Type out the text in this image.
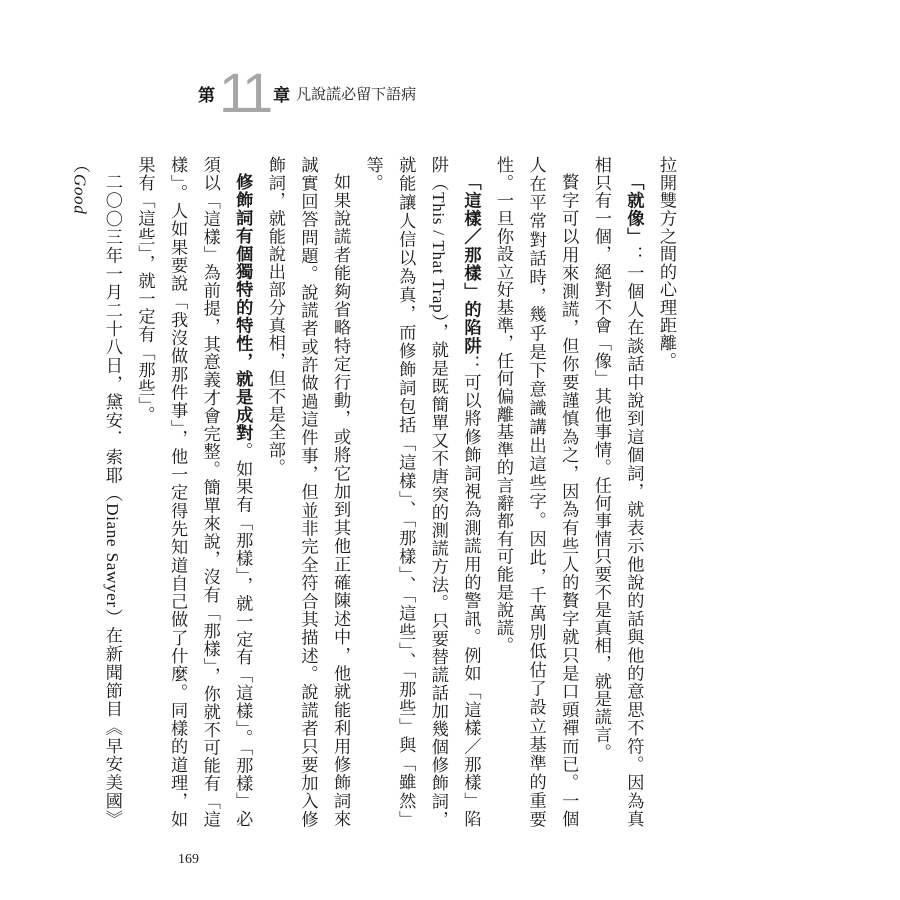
第 11 章 凡說謊必留下語病

拉開雙方之間的心理距離。

「就像」：一個人在談話中說到這個詞，就表示他說的話與他的意思不符。因為真相只有一個，絕對不會「像」其他事情。任何事情只要不是真相，就是謊言。

贅字可以用來測謊，但你要謹慎為之，因為有些人的贅字就只是口頭禪而已。一個人在平常對話時，幾乎是下意識講出這些字。因此，千萬別低估了設立基準的重要性。一旦你設立好基準，任何偏離基準的言辭都有可能是說謊。

「這樣／那樣」的陷阱：可以將修飾詞視為測謊用的警訊。例如「這樣／那樣」陷阱（This / That Trap），就是既簡單又不唐突的測謊方法。只要替謊話加幾個修飾詞，就能讓人信以為真，而修飾詞包括「這樣」、「那樣」、「這些」、「那些」與「雖然」等。

如果說謊者能夠省略特定行動，或將它加到其他正確陳述中，他就能利用修飾詞來誠實回答問題。說謊者或許做過這件事，但並非完全符合其描述。說謊者只要加入修飾詞，就能說出部分真相，但不是全部。

修飾詞有個獨特的特性，就是成對。如果有「那樣」，就一定有「這樣」。「那樣」必須以「這樣」為前提，其意義才會完整。簡單來說，沒有「那樣」，你就不可能有「這樣」。人如果要說「我沒做那件事」，他一定得先知道自己做了什麼。同樣的道理，如果有「這些」，就一定有「那些」。

二〇〇三年一月二十八日，黛安．索耶（Diane Sawyer）在新聞節目《早安美國》（Good

169
